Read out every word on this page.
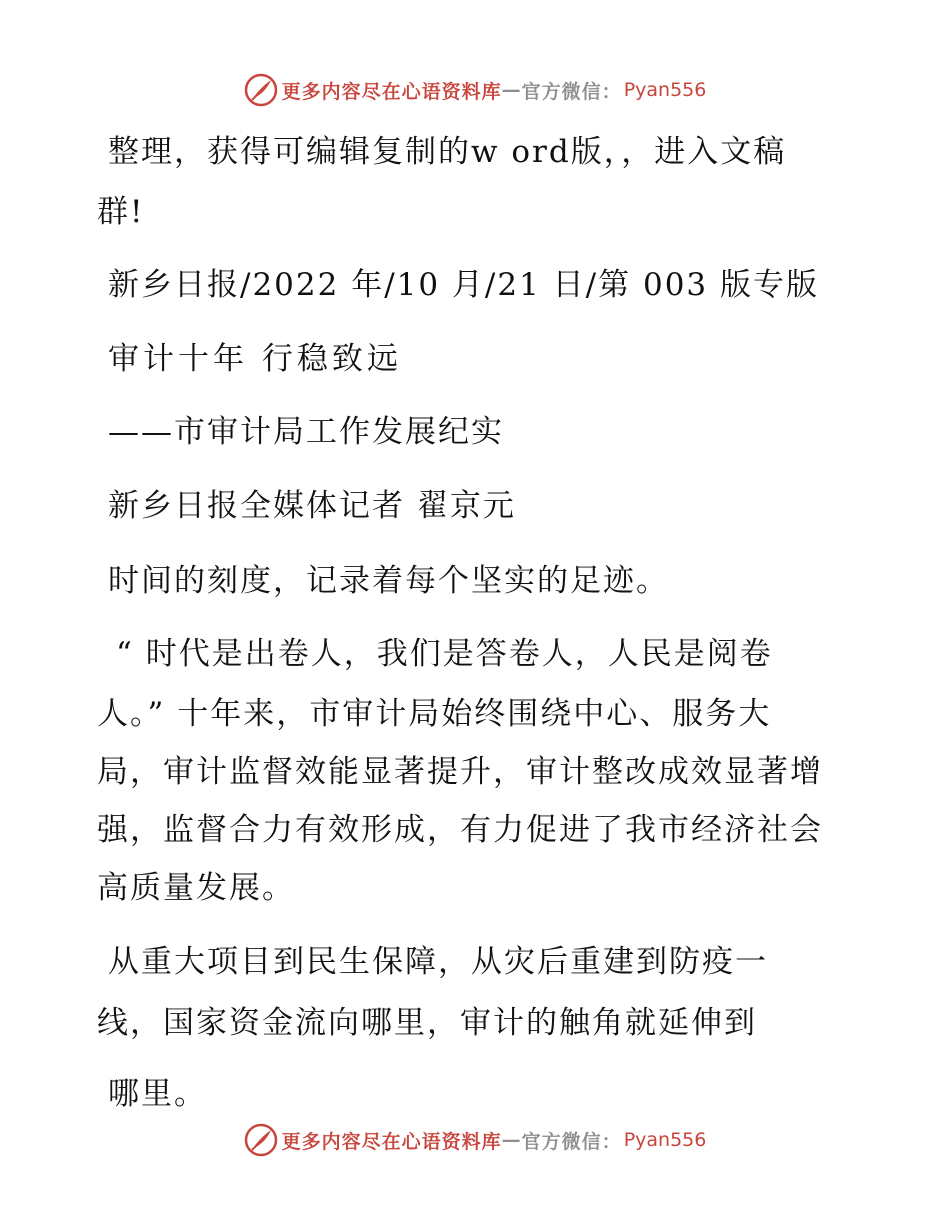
更多内容尽在心语资料库 — 官方微信： Pyan556
整理，获得可编辑复制的w ord版，，进入文稿
群!
新乡日报/2022 年/10 月/21 日/第 003 版专版
审计十年 行稳致远
——市审计局工作发展纪实
新乡日报全媒体记者 翟京元
时间的刻度，记录着每个坚实的足迹。
“ 时代是出卷人，我们是答卷人，人民是阅卷
人。” 十年来，市审计局始终围绕中心、服务大
局，审计监督效能显著提升，审计整改成效显著增
强，监督合力有效形成，有力促进了我市经济社会
高质量发展。
从重大项目到民生保障，从灾后重建到防疫一
线，国家资金流向哪里，审计的触角就延伸到
哪里。
更多内容尽在心语资料库 — 官方微信： Pyan556
